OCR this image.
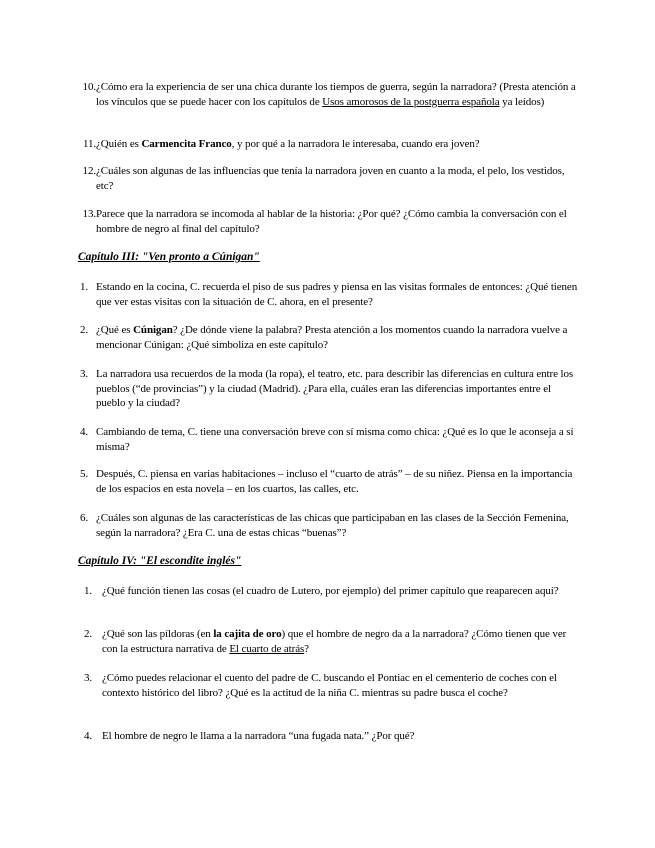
10. ¿Cómo era la experiencia de ser una chica durante los tiempos de guerra, según la narradora? (Presta atención a los vínculos que se puede hacer con los capítulos de Usos amorosos de la postguerra española ya leídos)
11. ¿Quién es Carmencita Franco, y por qué a la narradora le interesaba, cuando era joven?
12. ¿Cuáles son algunas de las influencias que tenía la narradora joven en cuanto a la moda, el pelo, los vestidos, etc?
13. Parece que la narradora se incomoda al hablar de la historia: ¿Por qué? ¿Cómo cambia la conversación con el hombre de negro al final del capítulo?
Capítulo III: "Ven pronto a Cúnigan"
1. Estando en la cocina, C. recuerda el piso de sus padres y piensa en las visitas formales de entonces: ¿Qué tienen que ver estas visitas con la situación de C. ahora, en el presente?
2. ¿Qué es Cúnigan? ¿De dónde viene la palabra? Presta atención a los momentos cuando la narradora vuelve a mencionar Cúnigan: ¿Qué simboliza en este capítulo?
3. La narradora usa recuerdos de la moda (la ropa), el teatro, etc. para describir las diferencias en cultura entre los pueblos (“de provincias”) y la ciudad (Madrid). ¿Para ella, cuáles eran las diferencias importantes entre el pueblo y la ciudad?
4. Cambiando de tema, C. tiene una conversación breve con sí misma como chica: ¿Qué es lo que le aconseja a sí misma?
5. Después, C. piensa en varias habitaciones – incluso el “cuarto de atrás” – de su niñez. Piensa en la importancia de los espacios en esta novela – en los cuartos, las calles, etc.
6. ¿Cuáles son algunas de las características de las chicas que participaban en las clases de la Sección Femenina, según la narradora? ¿Era C. una de estas chicas “buenas”?
Capítulo IV: "El escondite inglés"
1. ¿Qué función tienen las cosas (el cuadro de Lutero, por ejemplo) del primer capítulo que reaparecen aquí?
2. ¿Qué son las píldoras (en la cajita de oro) que el hombre de negro da a la narradora? ¿Cómo tienen que ver con la estructura narrativa de El cuarto de atrás?
3. ¿Cómo puedes relacionar el cuento del padre de C. buscando el Pontiac en el cementerio de coches con el contexto histórico del libro? ¿Qué es la actitud de la niña C. mientras su padre busca el coche?
4. El hombre de negro le llama a la narradora “una fugada nata.” ¿Por qué?
